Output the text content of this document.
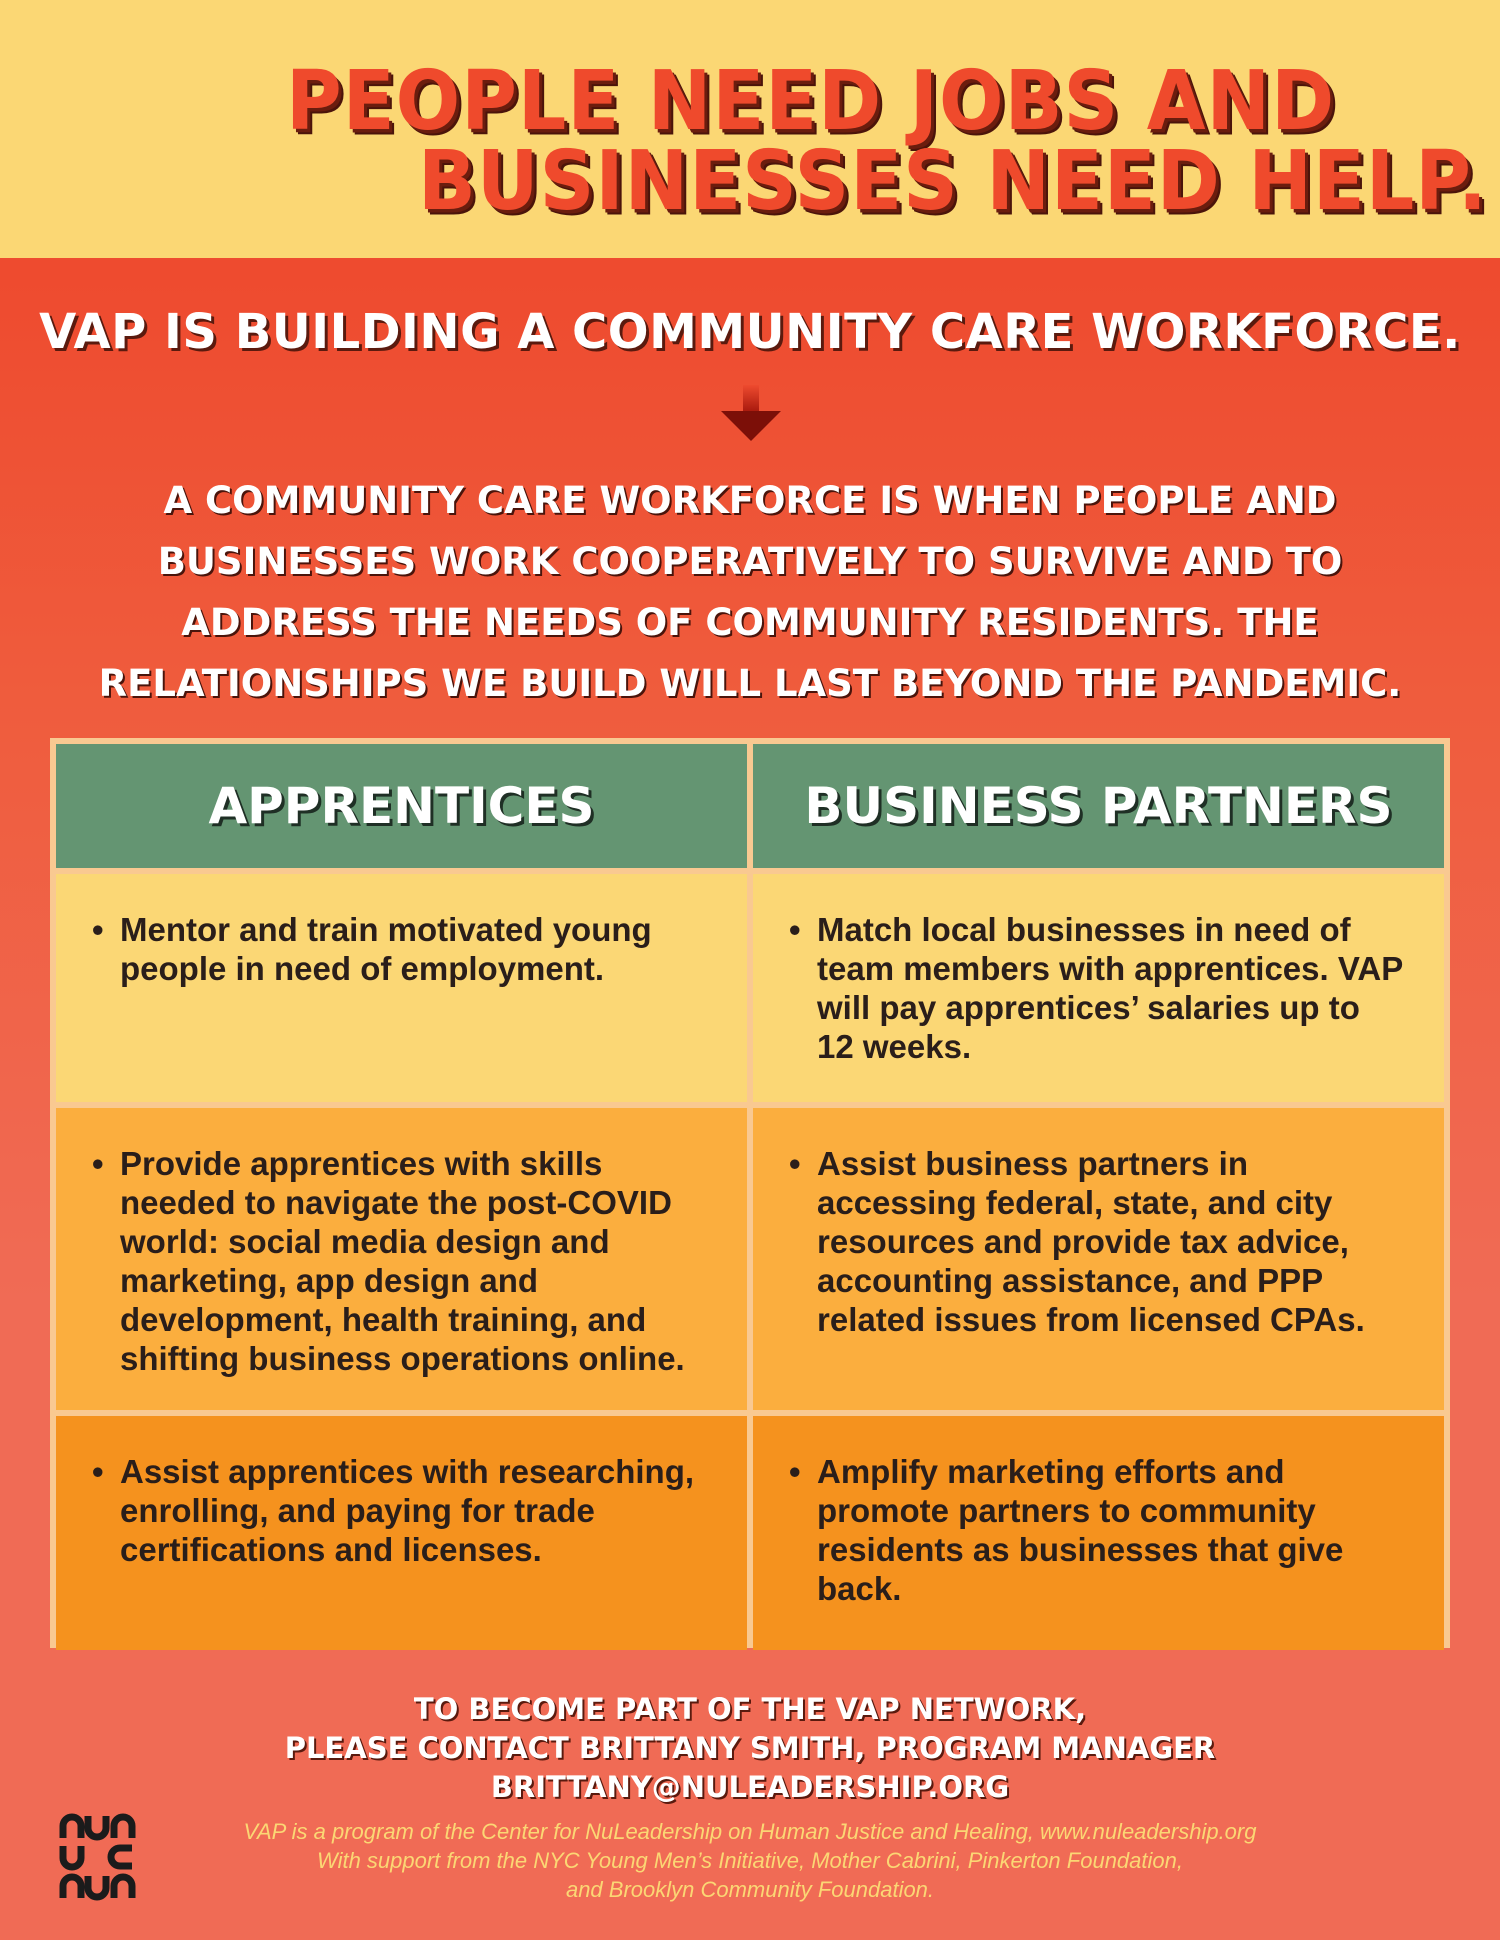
PEOPLE NEED JOBS AND
BUSINESSES NEED HELP.
VAP IS BUILDING A COMMUNITY CARE WORKFORCE.

A COMMUNITY CARE WORKFORCE IS WHEN PEOPLE AND BUSINESSES WORK COOPERATIVELY TO SURVIVE AND TO ADDRESS THE NEEDS OF COMMUNITY RESIDENTS. THE RELATIONSHIPS WE BUILD WILL LAST BEYOND THE PANDEMIC.

APPRENTICES	BUSINESS PARTNERS
• Mentor and train motivated young people in need of employment.
• Match local businesses in need of team members with apprentices. VAP will pay apprentices’ salaries up to 12 weeks.
• Provide apprentices with skills needed to navigate the post-COVID world: social media design and marketing, app design and development, health training, and shifting business operations online.
• Assist business partners in accessing federal, state, and city resources and provide tax advice, accounting assistance, and PPP related issues from licensed CPAs.
• Assist apprentices with researching, enrolling, and paying for trade certifications and licenses.
• Amplify marketing efforts and promote partners to community residents as businesses that give back.
TO BECOME PART OF THE VAP NETWORK,
PLEASE CONTACT BRITTANY SMITH, PROGRAM MANAGER
BRITTANY@NULEADERSHIP.ORG
VAP is a program of the Center for NuLeadership on Human Justice and Healing, www.nuleadership.org
With support from the NYC Young Men’s Initiative, Mother Cabrini, Pinkerton Foundation,
and Brooklyn Community Foundation.
